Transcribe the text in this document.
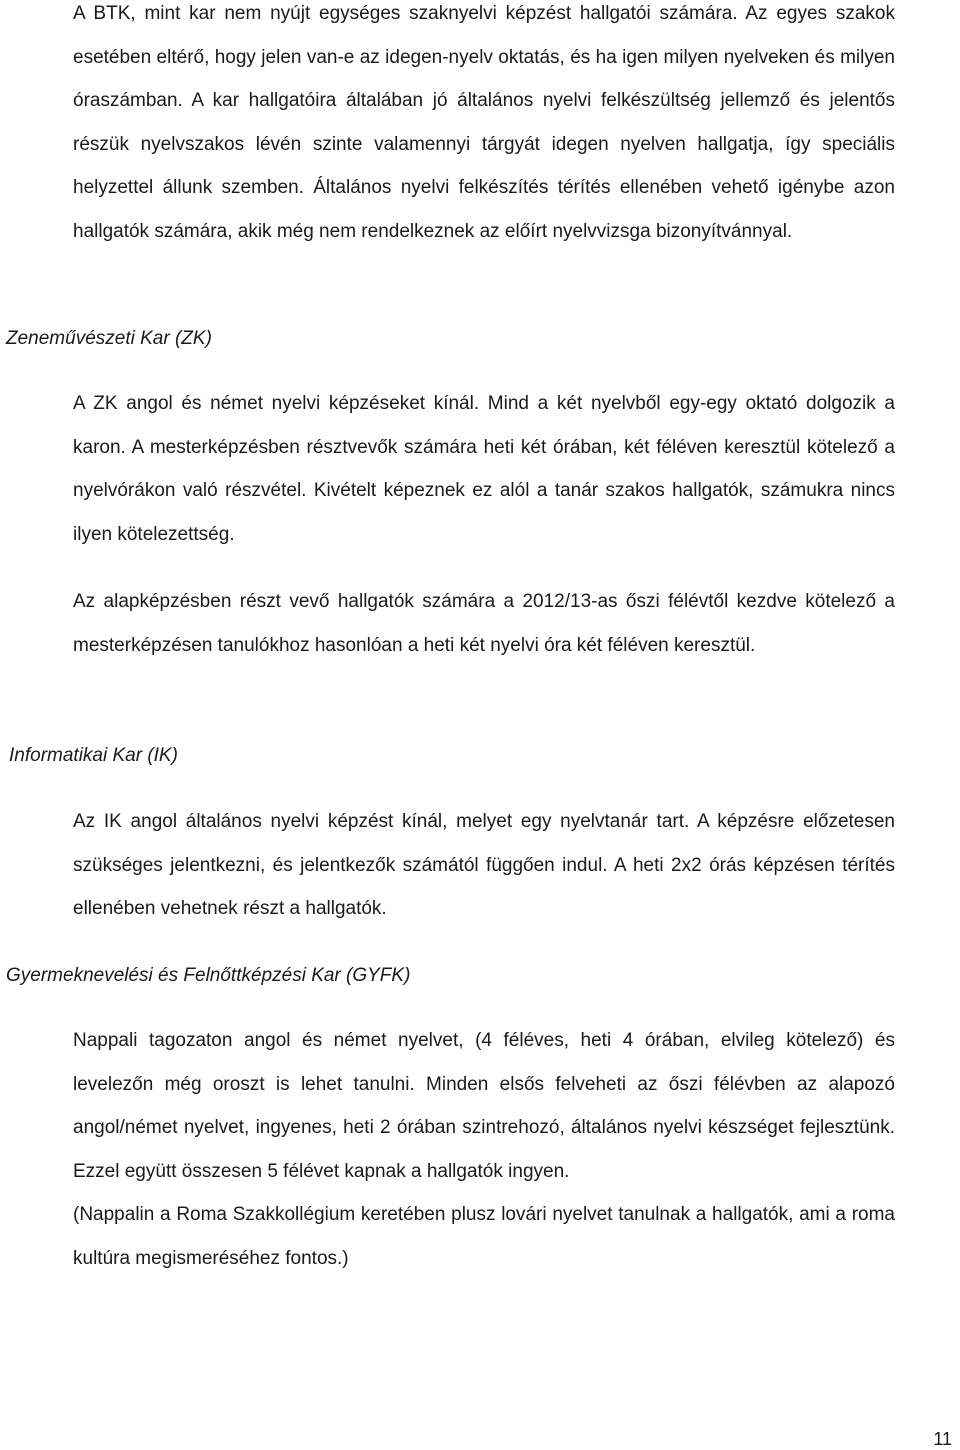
A BTK, mint kar nem nyújt egységes szaknyelvi képzést hallgatói számára. Az egyes szakok esetében eltérő, hogy jelen van-e az idegen-nyelv oktatás, és ha igen milyen nyelveken és milyen óraszámban. A kar hallgatóira általában jó általános nyelvi felkészültség jellemző és jelentős részük nyelvszakos lévén szinte valamennyi tárgyát idegen nyelven hallgatja, így speciális helyzettel állunk szemben. Általános nyelvi felkészítés térítés ellenében vehető igénybe azon hallgatók számára, akik még nem rendelkeznek az előírt nyelvvizsga bizonyítvánnyal.

Zeneművészeti Kar (ZK)

A ZK angol és német nyelvi képzéseket kínál. Mind a két nyelvből egy-egy oktató dolgozik a karon. A mesterképzésben résztvevők számára heti két órában, két féléven keresztül kötelező a nyelvórákon való részvétel. Kivételt képeznek ez alól a tanár szakos hallgatók, számukra nincs ilyen kötelezettség.

Az alapképzésben részt vevő hallgatók számára a 2012/13-as őszi félévtől kezdve kötelező a mesterképzésen tanulókhoz hasonlóan a heti két nyelvi óra két féléven keresztül.

Informatikai Kar (IK)

Az IK angol általános nyelvi képzést kínál, melyet egy nyelvtanár tart. A képzésre előzetesen szükséges jelentkezni, és jelentkezők számától függően indul. A heti 2x2 órás képzésen térítés ellenében vehetnek részt a hallgatók.

Gyermeknevelési és Felnőttképzési Kar (GYFK)

Nappali tagozaton angol és német nyelvet, (4 féléves, heti 4 órában, elvileg kötelező) és levelezőn még oroszt is lehet tanulni. Minden elsős felveheti az őszi félévben az alapozó angol/német nyelvet, ingyenes, heti 2 órában szintrehozó, általános nyelvi készséget fejlesztünk. Ezzel együtt összesen 5 félévet kapnak a hallgatók ingyen.

(Nappalin a Roma Szakkollégium keretében plusz lovári nyelvet tanulnak a hallgatók, ami a roma kultúra megismeréséhez fontos.)

11
